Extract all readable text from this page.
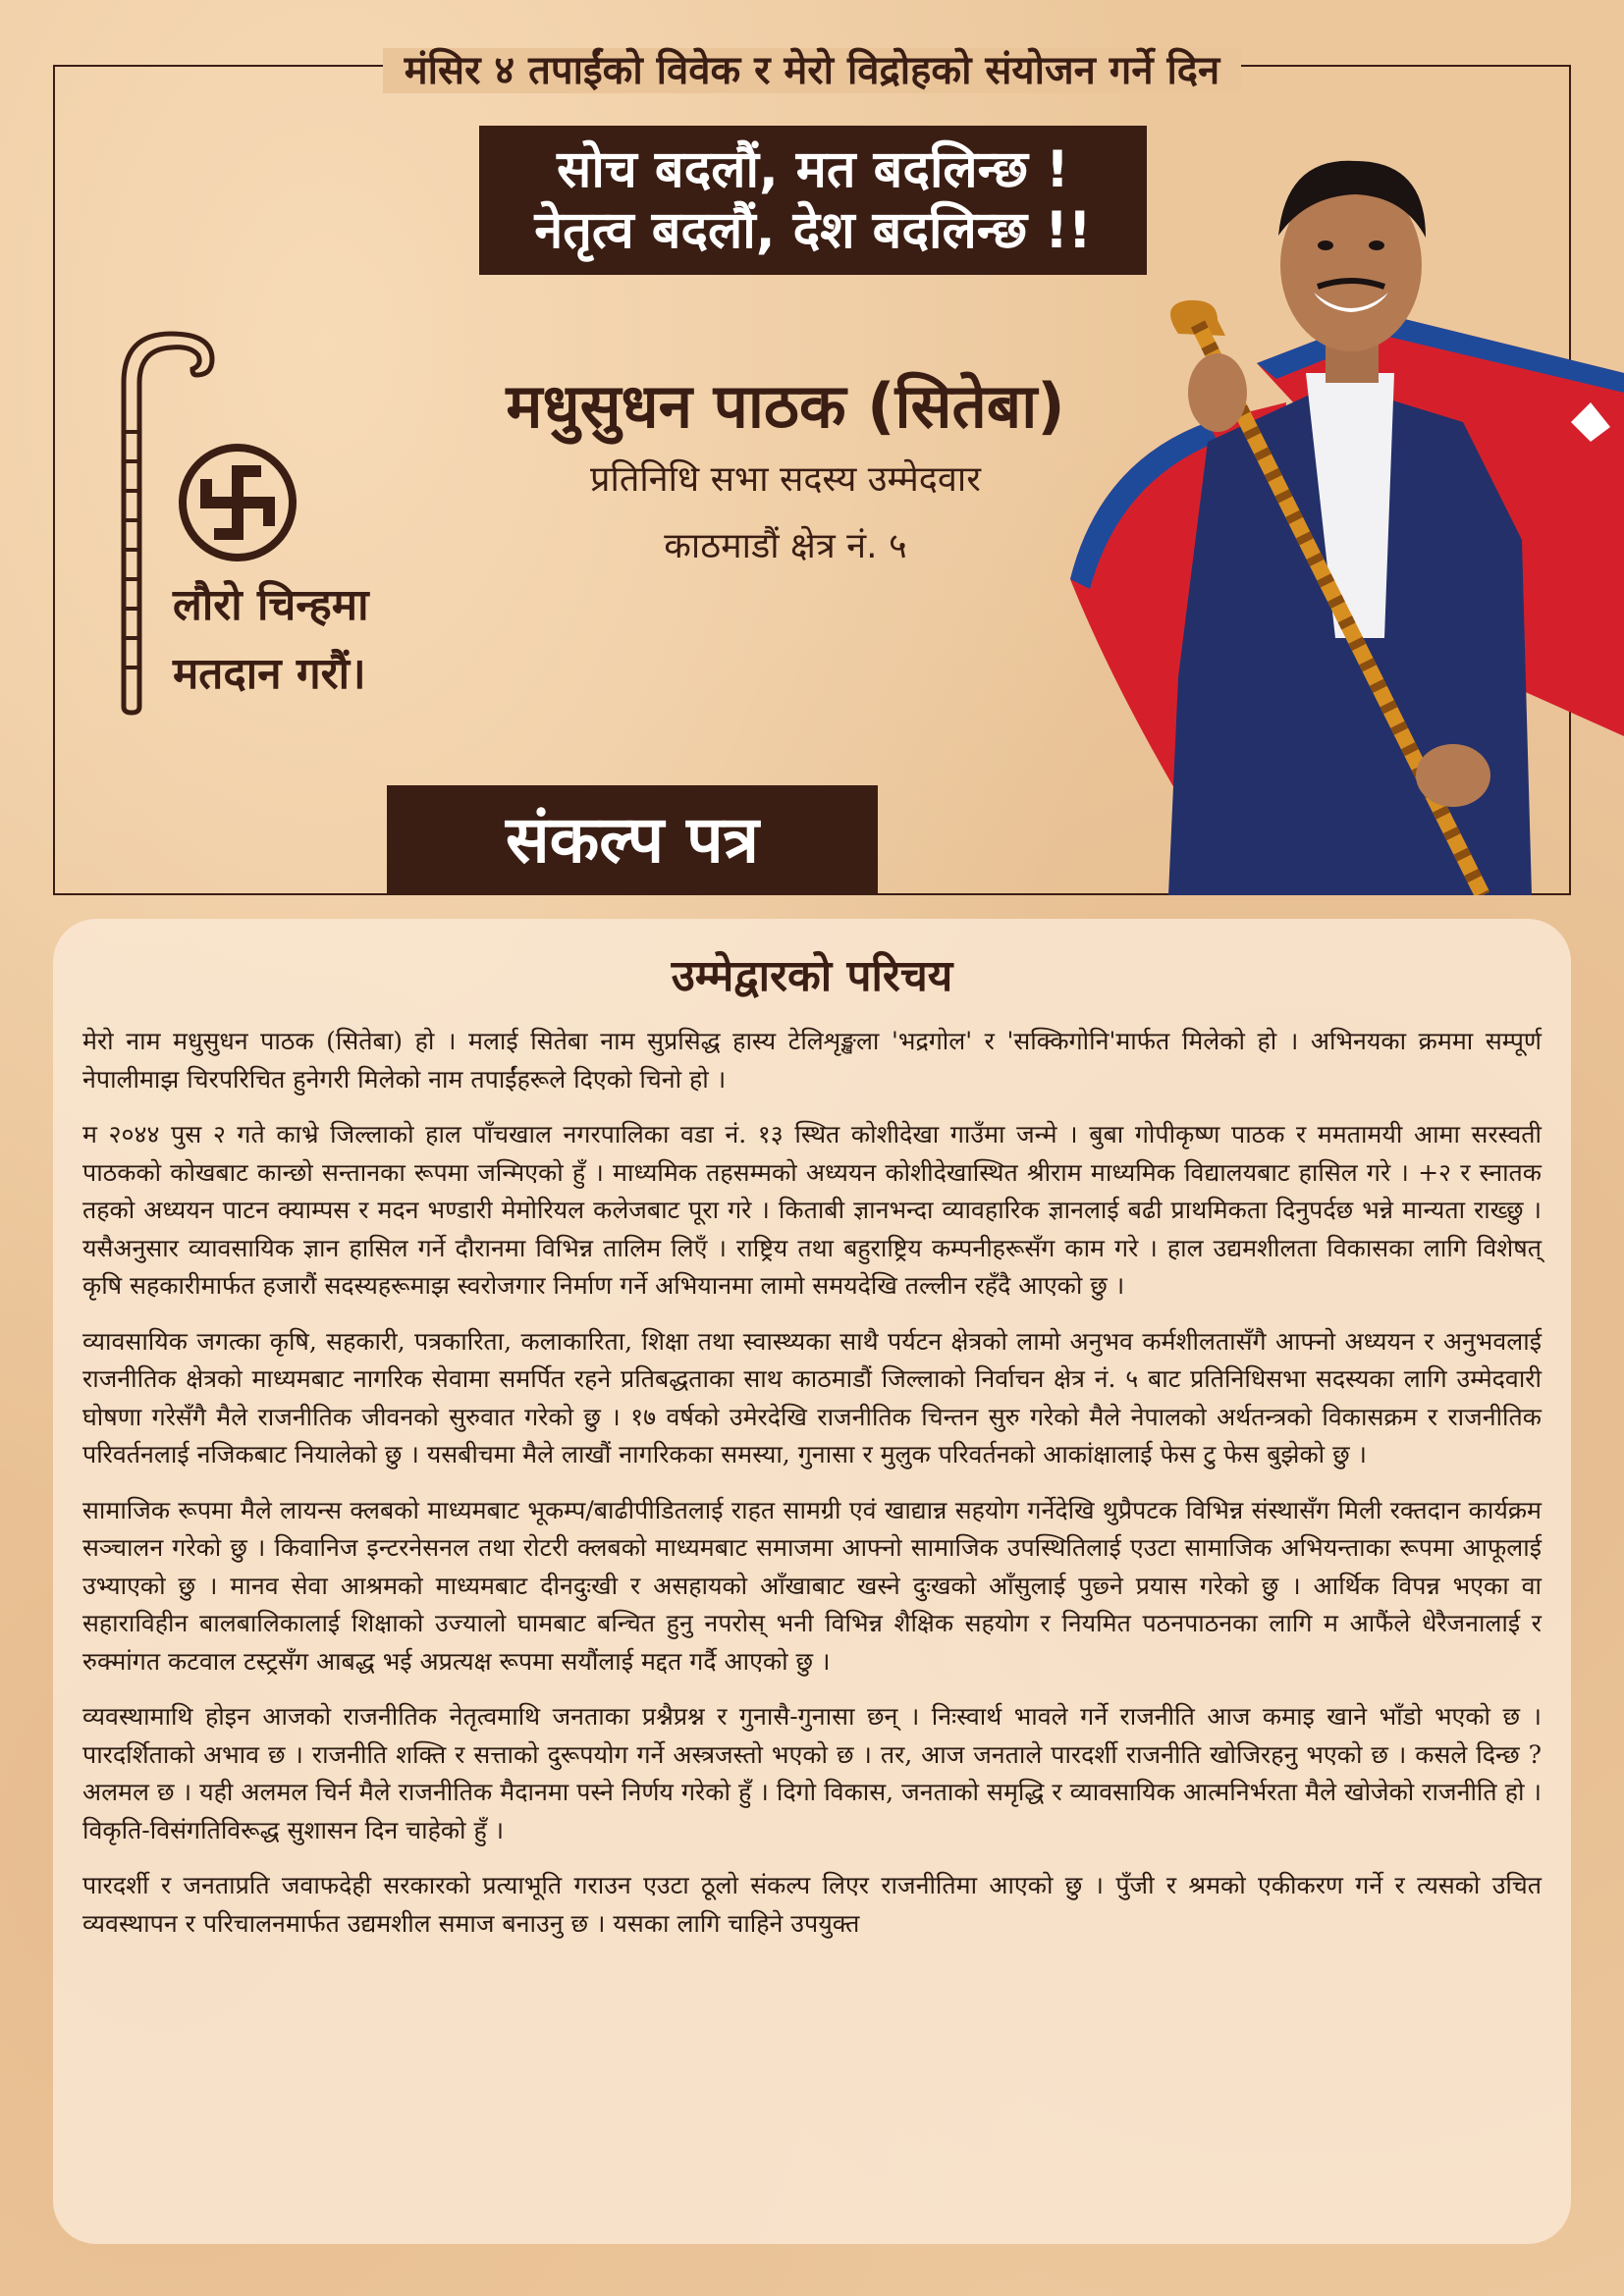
मंसिर ४ तपाईंको विवेक र मेरो विद्रोहको संयोजन गर्ने दिन
सोच बदलौं, मत बदलिन्छ !
नेतृत्व बदलौं, देश बदलिन्छ !!
मधुसुधन पाठक (सितेबा)
प्रतिनिधि सभा सदस्य उम्मेदवार
काठमाडौं क्षेत्र नं. ५
लौरो चिन्हमा
मतदान गरौं।
संकल्प पत्र
उम्मेद्वारको परिचय

मेरो नाम मधुसुधन पाठक (सितेबा) हो । मलाई सितेबा नाम सुप्रसिद्ध हास्य टेलिशृङ्खला 'भद्रगोल' र 'सक्किगोनि'मार्फत मिलेको हो । अभिनयका क्रममा सम्पूर्ण नेपालीमाझ चिरपरिचित हुनेगरी मिलेको नाम तपाईंहरूले दिएको चिनो हो ।

म २०४४ पुस २ गते काभ्रे जिल्लाको हाल पाँचखाल नगरपालिका वडा नं. १३ स्थित कोशीदेखा गाउँमा जन्मे । बुबा गोपीकृष्ण पाठक र ममतामयी आमा सरस्वती पाठकको कोखबाट कान्छो सन्तानका रूपमा जन्मिएको हुँ । माध्यमिक तहसम्मको अध्ययन कोशीदेखास्थित श्रीराम माध्यमिक विद्यालयबाट हासिल गरे । +२ र स्नातक तहको अध्ययन पाटन क्याम्पस र मदन भण्डारी मेमोरियल कलेजबाट पूरा गरे । किताबी ज्ञानभन्दा व्यावहारिक ज्ञानलाई बढी प्राथमिकता दिनुपर्दछ भन्ने मान्यता राख्छु । यसैअनुसार व्यावसायिक ज्ञान हासिल गर्ने दौरानमा विभिन्न तालिम लिएँ । राष्ट्रिय तथा बहुराष्ट्रिय कम्पनीहरूसँग काम गरे । हाल उद्यमशीलता विकासका लागि विशेषत् कृषि सहकारीमार्फत हजारौं सदस्यहरूमाझ स्वरोजगार निर्माण गर्ने अभियानमा लामो समयदेखि तल्लीन रहँदै आएको छु ।

व्यावसायिक जगत्का कृषि, सहकारी, पत्रकारिता, कलाकारिता, शिक्षा तथा स्वास्थ्यका साथै पर्यटन क्षेत्रको लामो अनुभव कर्मशीलतासँगै आफ्नो अध्ययन र अनुभवलाई राजनीतिक क्षेत्रको माध्यमबाट नागरिक सेवामा समर्पित रहने प्रतिबद्धताका साथ काठमाडौं जिल्लाको निर्वाचन क्षेत्र नं. ५ बाट प्रतिनिधिसभा सदस्यका लागि उम्मेदवारी घोषणा गरेसँगै मैले राजनीतिक जीवनको सुरुवात गरेको छु । १७ वर्षको उमेरदेखि राजनीतिक चिन्तन सुरु गरेको मैले नेपालको अर्थतन्त्रको विकासक्रम र राजनीतिक परिवर्तनलाई नजिकबाट नियालेको छु । यसबीचमा मैले लाखौं नागरिकका समस्या, गुनासा र मुलुक परिवर्तनको आकांक्षालाई फेस टु फेस बुझेको छु ।

सामाजिक रूपमा मैले लायन्स क्लबको माध्यमबाट भूकम्प/बाढीपीडितलाई राहत सामग्री एवं खाद्यान्न सहयोग गर्नेदेखि थुप्रैपटक विभिन्न संस्थासँग मिली रक्तदान कार्यक्रम सञ्चालन गरेको छु । किवानिज इन्टरनेसनल तथा रोटरी क्लबको माध्यमबाट समाजमा आफ्नो सामाजिक उपस्थितिलाई एउटा सामाजिक अभियन्ताका रूपमा आफूलाई उभ्याएको छु । मानव सेवा आश्रमको माध्यमबाट दीनदुःखी र असहायको आँखाबाट खस्ने दुःखको आँसुलाई पुछ्ने प्रयास गरेको छु । आर्थिक विपन्न भएका वा सहाराविहीन बालबालिकालाई शिक्षाको उज्यालो घामबाट बन्चित हुनु नपरोस् भनी विभिन्न शैक्षिक सहयोग र नियमित पठनपाठनका लागि म आफैंले धेरैजनालाई र रुक्मांगत कटवाल टस्ट्रसँग आबद्ध भई अप्रत्यक्ष रूपमा सयौंलाई मद्दत गर्दै आएको छु ।

व्यवस्थामाथि होइन आजको राजनीतिक नेतृत्वमाथि जनताका प्रश्नैप्रश्न र गुनासै-गुनासा छन् । निःस्वार्थ भावले गर्ने राजनीति आज कमाइ खाने भाँडो भएको छ । पारदर्शिताको अभाव छ । राजनीति शक्ति र सत्ताको दुरूपयोग गर्ने अस्त्रजस्तो भएको छ । तर, आज जनताले पारदर्शी राजनीति खोजिरहनु भएको छ । कसले दिन्छ ? अलमल छ । यही अलमल चिर्न मैले राजनीतिक मैदानमा पस्ने निर्णय गरेको हुँ । दिगो विकास, जनताको समृद्धि र व्यावसायिक आत्मनिर्भरता मैले खोजेको राजनीति हो । विकृति-विसंगतिविरूद्ध सुशासन दिन चाहेको हुँ ।

पारदर्शी र जनताप्रति जवाफदेही सरकारको प्रत्याभूति गराउन एउटा ठूलो संकल्प लिएर राजनीतिमा आएको छु । पुँजी र श्रमको एकीकरण गर्ने र त्यसको उचित व्यवस्थापन र परिचालनमार्फत उद्यमशील समाज बनाउनु छ । यसका लागि चाहिने उपयुक्त
